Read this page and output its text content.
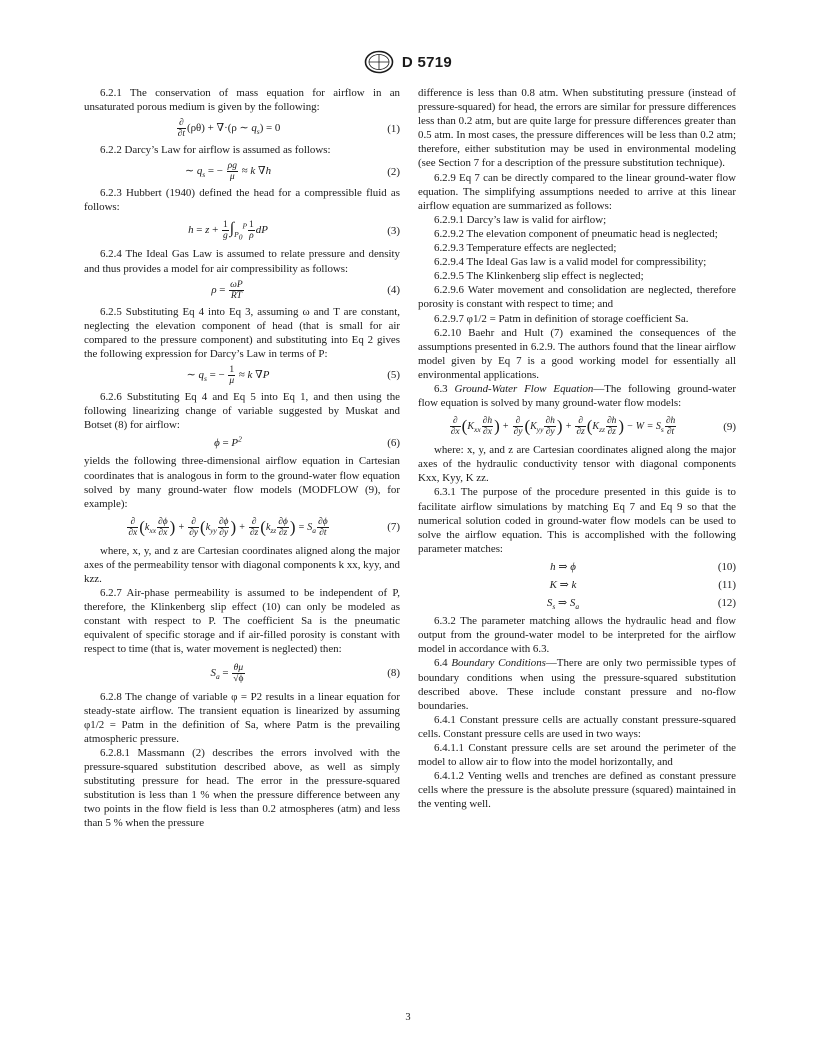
D 5719

6.2.1 The conservation of mass equation for airflow in an unsaturated porous medium is given by the following:

$\frac{\partial}{\partial t} (\rho\theta) + \nabla\cdot(\rho$ ∼ $q_s) = 0$	(1)

6.2.2 Darcy’s Law for airflow is assumed as follows:

∼ $q_s$ = − $\frac{\rho g}{\mu} \approx k$ ∇h	(2)

6.2.3 Hubbert (1940) defined the head for a compressible fluid as follows:

$h = z + \frac{1}{g} \int_{P_0}^P \frac{1}{\rho}$ dP	(3)

6.2.4 The Ideal Gas Law is assumed to relate pressure and density and thus provides a model for air compressibility as follows:

$\rho = \frac{\omega P}{RT}$	(4)

6.2.5 Substituting Eq 4 into Eq 3, assuming ω and T are constant, neglecting the elevation component of head (that is small for air compared to the pressure component) and substituting into Eq 2 gives the following expression for Darcy’s Law in terms of P:

∼ $q_s$ = − $\frac{1}{\mu} \approx k$ ∇P	(5)

6.2.6 Substituting Eq 4 and Eq 5 into Eq 1, and then using the following linearizing change of variable suggested by Muskat and Botset (8) for airflow:

$\phi = P^2$	(6)

yields the following three-dimensional airflow equation in Cartesian coordinates that is analogous in form to the ground-water flow equation solved by many ground-water flow models (MODFLOW (9), for example):

$\frac{\partial}{\partial x} (k_{xx} \frac{\partial\phi}{\partial x}$ ) + $\frac{\partial}{\partial y} (k_{yy} \frac{\partial\phi}{\partial y}$ ) + $\frac{\partial}{\partial z} (k_{zz} \frac{\partial\phi}{\partial z}$ ) = $S_a \frac{\partial\phi}{\partial t}$	(7)

where, x, y, and z are Cartesian coordinates aligned along the major axes of the permeability tensor with diagonal components k xx, kyy, and kzz.

6.2.7 Air-phase permeability is assumed to be independent of P, therefore, the Klinkenberg slip effect (10) can only be modeled as constant with respect to P. The coefficient Sa is the pneumatic equivalent of specific storage and if air-filled porosity is constant with respect to time (that is, water movement is neglected) then:

$S_a = \frac{\theta\mu}{√\phi}$	(8)

6.2.8 The change of variable φ = P2 results in a linear equation for steady-state airflow. The transient equation is linearized by assuming φ1/2 = Patm in the definition of Sa, where Patm is the prevailing atmospheric pressure.

6.2.8.1 Massmann (2) describes the errors involved with the pressure-squared substitution described above, as well as simply substituting pressure for head. The error in the pressure-squared substitution is less than 1 % when the pressure difference between any two points in the flow field is less than 0.2 atmospheres (atm) and less than 5 % when the pressure

difference is less than 0.8 atm. When substituting pressure (instead of pressure-squared) for head, the errors are similar for pressure differences less than 0.2 atm, but are quite large for pressure differences greater than 0.5 atm. In most cases, the pressure differences will be less than 0.2 atm; therefore, either substitution may be used in environmental modeling (see Section 7 for a description of the pressure substitution technique).

6.2.9 Eq 7 can be directly compared to the linear ground-water flow equation. The simplifying assumptions needed to arrive at this linear airflow equation are summarized as follows:

6.2.9.1 Darcy’s law is valid for airflow;

6.2.9.2 The elevation component of pneumatic head is neglected;

6.2.9.3 Temperature effects are neglected;

6.2.9.4 The Ideal Gas law is a valid model for compressibility;

6.2.9.5 The Klinkenberg slip effect is neglected;

6.2.9.6 Water movement and consolidation are neglected, therefore porosity is constant with respect to time; and

6.2.9.7 φ1/2 = Patm in definition of storage coefficient Sa.

6.2.10 Baehr and Hult (7) examined the consequences of the assumptions presented in 6.2.9. The authors found that the linear airflow model given by Eq 7 is a good working model for essentially all environmental applications.

6.3 Ground-Water Flow Equation—The following ground-water flow equation is solved by many ground-water flow models:

$\frac{\partial}{\partial x} (K_{xx} \frac{\partial h}{\partial x}$ ) + $\frac{\partial}{\partial y} (K_{yy} \frac{\partial h}{\partial y}$ ) + $\frac{\partial}{\partial z} (K_{zz} \frac{\partial h}{\partial z}$ ) − $W = S_s \frac{\partial h}{\partial t}$	(9)

where: x, y, and z are Cartesian coordinates aligned along the major axes of the hydraulic conductivity tensor with diagonal components Kxx, Kyy, K zz.

6.3.1 The purpose of the procedure presented in this guide is to facilitate airflow simulations by matching Eq 7 and Eq 9 so that the numerical solution coded in ground-water flow models can be used to solve the airflow equation. This is accomplished with the following parameter matches:

h ⇒ ϕ	(10)
K ⇒ k	(11)
$S_s$ ⇒ $S_a$	(12)

6.3.2 The parameter matching allows the hydraulic head and flow output from the ground-water model to be interpreted for the airflow model in accordance with 6.3.

6.4 Boundary Conditions—There are only two permissible types of boundary conditions when using the pressure-squared substitution described above. These include constant pressure and no-flow boundaries.

6.4.1 Constant pressure cells are actually constant pressure-squared cells. Constant pressure cells are used in two ways:

6.4.1.1 Constant pressure cells are set around the perimeter of the model to allow air to flow into the model horizontally, and

6.4.1.2 Venting wells and trenches are defined as constant pressure cells where the pressure is the absolute pressure (squared) maintained in the venting well.

3
